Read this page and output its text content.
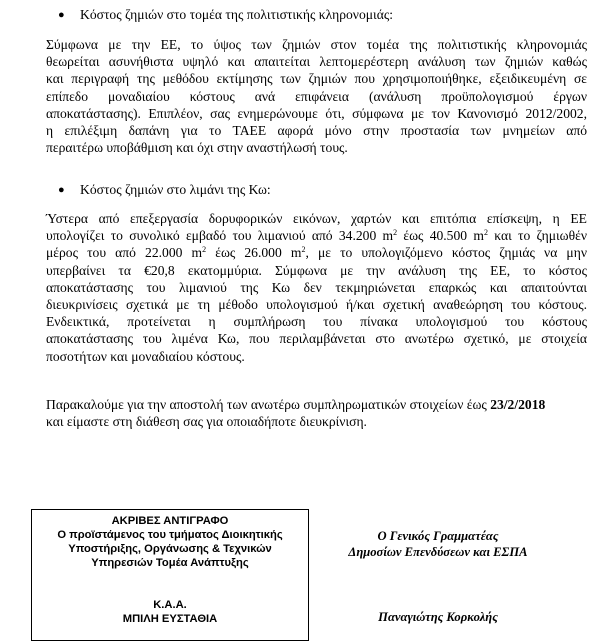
● Κόστος ζημιών στο τομέα της πολιτιστικής κληρονομιάς:
Σύμφωνα με την ΕΕ, το ύψος των ζημιών στον τομέα της πολιτιστικής κληρονομιάς
θεωρείται ασυνήθιστα υψηλό και απαιτείται λεπτομερέστερη ανάλυση των ζημιών καθώς
και περιγραφή της μεθόδου εκτίμησης των ζημιών που χρησιμοποιήθηκε, εξειδικευμένη σε
επίπεδο μοναδιαίου κόστους ανά επιφάνεια (ανάλυση προϋπολογισμού έργων
αποκατάστασης). Επιπλέον, σας ενημερώνουμε ότι, σύμφωνα με τον Κανονισμό 2012/2002,
η επιλέξιμη δαπάνη για το ΤΑΕΕ αφορά μόνο στην προστασία των μνημείων από
περαιτέρω υποβάθμιση και όχι στην αναστήλωσή τους.
● Κόστος ζημιών στο λιμάνι της Κω:
Ύστερα από επεξεργασία δορυφορικών εικόνων, χαρτών και επιτόπια επίσκεψη, η ΕΕ
υπολογίζει το συνολικό εμβαδό του λιμανιού από 34.200 $m^2$ έως 40.500 $m^2$ και το ζημιωθέν
μέρος του από 22.000 $m^2$ έως 26.000 $m^2$, με το υπολογιζόμενο κόστος ζημιάς να μην
υπερβαίνει τα €20,8 εκατομμύρια. Σύμφωνα με την ανάλυση της ΕΕ, το κόστος
αποκατάστασης του λιμανιού της Κω δεν τεκμηριώνεται επαρκώς και απαιτούνται
διευκρινίσεις σχετικά με τη μέθοδο υπολογισμού ή/και σχετική αναθεώρηση του κόστους.
Ενδεικτικά, προτείνεται η συμπλήρωση του πίνακα υπολογισμού του κόστους
αποκατάστασης του λιμένα Κω, που περιλαμβάνεται στο ανωτέρω σχετικό, με στοιχεία
ποσοτήτων και μοναδιαίου κόστους.
Παρακαλούμε για την αποστολή των ανωτέρω συμπληρωματικών στοιχείων έως 23/2/2018
και είμαστε στη διάθεση σας για οποιαδήποτε διευκρίνιση.
ΑΚΡΙΒΕΣ ΑΝΤΙΓΡΑΦΟ
Ο προϊστάμενος του τμήματος Διοικητικής
Υποστήριξης, Οργάνωσης & Τεχνικών
Υπηρεσιών Τομέα Ανάπτυξης
Κ.Α.Α.
ΜΠΙΛΗ ΕΥΣΤΑΘΙΑ
Ο Γενικός Γραμματέας
Δημοσίων Επενδύσεων και ΕΣΠΑ
Παναγιώτης Κορκολής
